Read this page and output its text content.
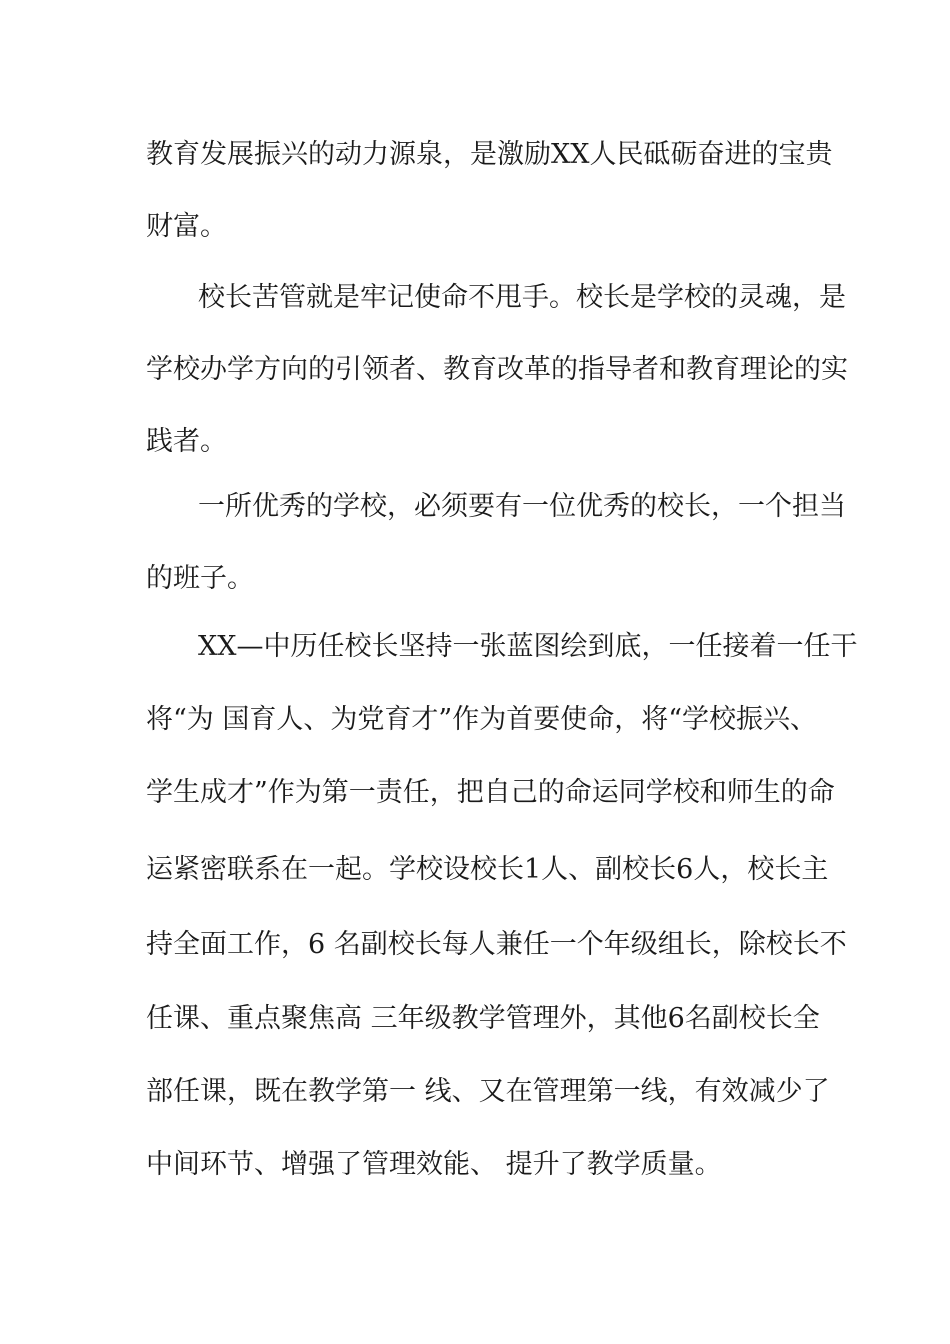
教育发展振兴的动力源泉，是激励XX人民砥砺奋进的宝贵
财富。
校长苦管就是牢记使命不甩手。校长是学校的灵魂，是
学校办学方向的引领者、教育改革的指导者和教育理论的实
践者。
一所优秀的学校，必须要有一位优秀的校长，一个担当
的班子。
XX—中历任校长坚持一张蓝图绘到底，一任接着一任干
将“为 国育人、为党育才”作为首要使命，将“学校振兴、
学生成才”作为第一责任，把自己的命运同学校和师生的命
运紧密联系在一起。学校设校长1人、副校长6人，校长主
持全面工作，6 名副校长每人兼任一个年级组长，除校长不
任课、重点聚焦高 三年级教学管理外，其他6名副校长全
部任课，既在教学第一 线、又在管理第一线，有效减少了
中间环节、增强了管理效能、 提升了教学质量。
